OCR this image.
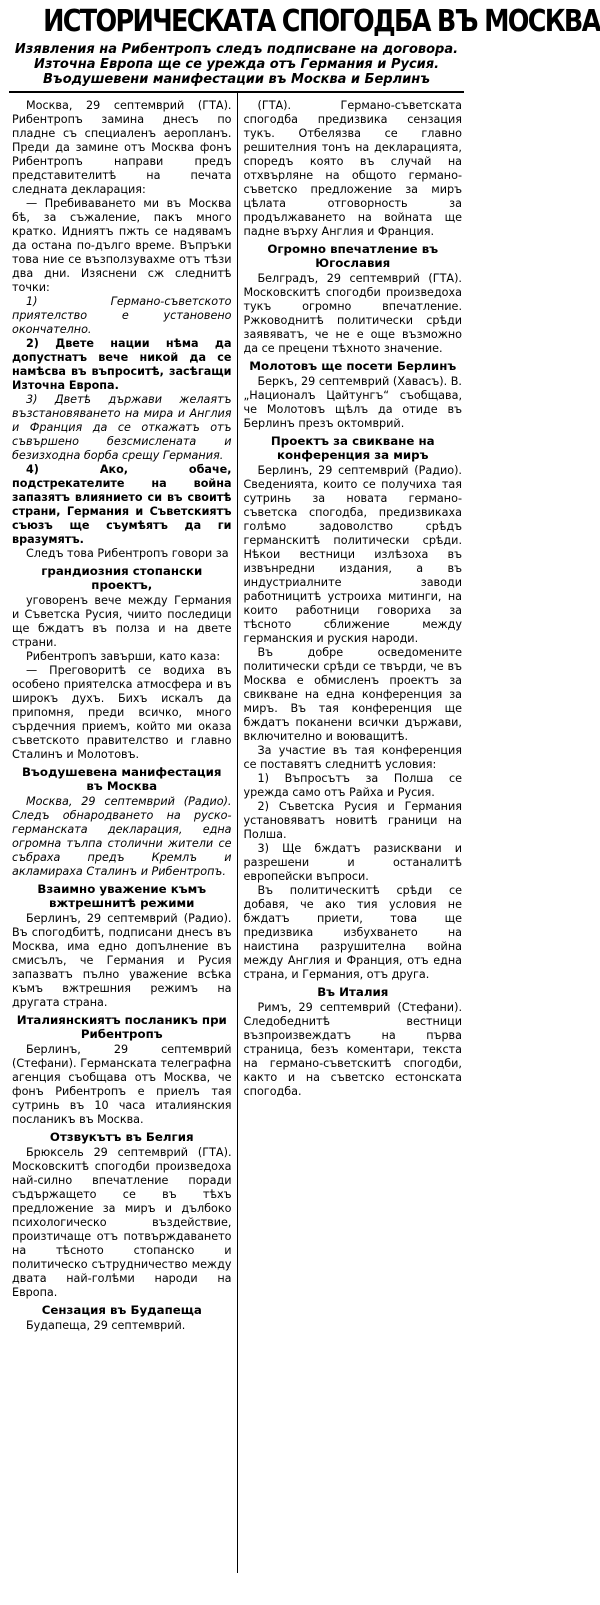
ИСТОРИЧЕСКАТА СПОГОДБА ВЪ МОСКВА
Изявления на Рибентропъ следъ подписване на договора. Източна Европа ще се урежда отъ Германия и Русия. Въодушевени манифестации въ Москва и Берлинъ

Москва, 29 септемврий (ГТА). Рибентропъ замина днесъ по пладне съ специаленъ аеропланъ. Преди да замине отъ Москва фонъ Рибентропъ направи предъ представителитѣ на печата следната декларация:

— Пребиваването ми въ Москва бѣ, за съжаление, пакъ много кратко. Идниятъ пжть се надявамъ да остана по-дълго време. Въпръки това ние се възползувахме отъ тѣзи два дни. Изяснени сж следнитѣ точки:

1) Германо-съветското приятелство е установено окончателно.

2) Двете нации нѣма да допустнатъ вече никой да се намѣсва въ въпроситѣ, засѣгащи Източна Европа.

3) Дветѣ държави желаятъ възстановяването на мира и Англия и Франция да се откажатъ отъ съвършено безсмислената и безизходна борба срещу Германия.

4) Ако, обаче, подстрекателите на война запазятъ влиянието си въ своитѣ страни, Германия и Съветскиятъ съюзъ ще съумѣятъ да ги вразумятъ.

Следъ това Рибентропъ говори за

грандиозния стопански проектъ,

уговоренъ вече между Германия и Съветска Русия, чиито последици ще бждатъ въ полза и на двете страни.

Рибентропъ завърши, като каза:

— Преговоритѣ се водиха въ особено приятелска атмосфера и въ широкъ духъ. Бихъ искалъ да припомня, преди всичко, много сърдечния приемъ, който ми оказа съветското правителство и главно Сталинъ и Молотовъ.

Въодушевена манифестация въ Москва

Москва, 29 септемврий (Радио). Следъ обнародването на руско-германската декларация, една огромна тълпа столични жители се събраха предъ Кремлъ и акламираха Сталинъ и Рибентропъ.

Взаимно уважение къмъ вжтрешнитѣ режими

Берлинъ, 29 септемврий (Радио). Въ спогодбитѣ, подписани днесъ въ Москва, има едно допълнение въ смисълъ, че Германия и Русия запазватъ пълно уважение всѣка къмъ вжтрешния режимъ на другата страна.

Италиянскиятъ посланикъ при Рибентропъ

Берлинъ, 29 септемврий (Стефани). Германската телеграфна агенция съобщава отъ Москва, че фонъ Рибентропъ е приелъ тая сутринь въ 10 часа италиянския посланикъ въ Москва.

Отзвукътъ въ Белгия

Брюксель 29 септемврий (ГТА). Московскитѣ спогодби произведоха най-силно впечатление поради съдържащето се въ тѣхъ предложение за миръ и дълбоко психологическо въздействие, произтичаще отъ потвърждаването на тѣсното стопанско и политическо сътрудничество между двата най-голѣми народи на Европа.

Сензация въ Будапеща

Будапеща, 29 септемврий.

(ГТА). Германо-съветската спогодба предизвика сензация тукъ. Отбелязва се главно решителния тонъ на декларацията, споредъ която въ случай на отхвърляне на общото германо-съветско предложение за миръ цѣлата отговорность за продължаването на войната ще падне върху Англия и Франция.

Огромно впечатление въ Югославия

Белградъ, 29 септемврий (ГТА). Московскитѣ спогодби произведоха тукъ огромно впечатление. Ржководнитѣ политически срѣди заявяватъ, че не е още възможно да се прецени тѣхното значение.

Молотовъ ще посети Берлинъ

Беркъ, 29 септемврий (Хавасъ). В. „Националъ Цайтунгъ“ съобщава, че Молотовъ щѣлъ да отиде въ Берлинъ презъ октомврий.

Проектъ за свикване на конференция за миръ

Берлинъ, 29 септемврий (Радио). Сведенията, които се получиха тая сутринь за новата германо-съветска спогодба, предизвикаха голѣмо задоволство срѣдъ германскитѣ политически срѣди. Нѣкои вестници излѣзоха въ извънредни издания, а въ индустриалните заводи работницитѣ устроиха митинги, на които работници говориха за тѣсното сближение между германския и руския народи.

Въ добре осведомените политически срѣди се твърди, че въ Москва е обмисленъ проектъ за свикване на една конференция за миръ. Въ тая конференция ще бждатъ поканени всички държави, включително и воюващитѣ.

За участие въ тая конференция се поставятъ следнитѣ условия:

1) Въпросътъ за Полша се урежда само отъ Райха и Русия.

2) Съветска Русия и Германия установяватъ новитѣ граници на Полша.

3) Ще бждатъ разисквани и разрешени и останалитѣ европейски въпроси.

Въ политическитѣ срѣди се добавя, че ако тия условия не бждатъ приети, това ще предизвика избухването на наистина разрушителна война между Англия и Франция, отъ една страна, и Германия, отъ друга.

Въ Италия

Римъ, 29 септемврий (Стефани). Следобеднитѣ вестници възпроизвеждатъ на първа страница, безъ коментари, текста на германо-съветскитѣ спогодби, както и на съветско естонската спогодба.
